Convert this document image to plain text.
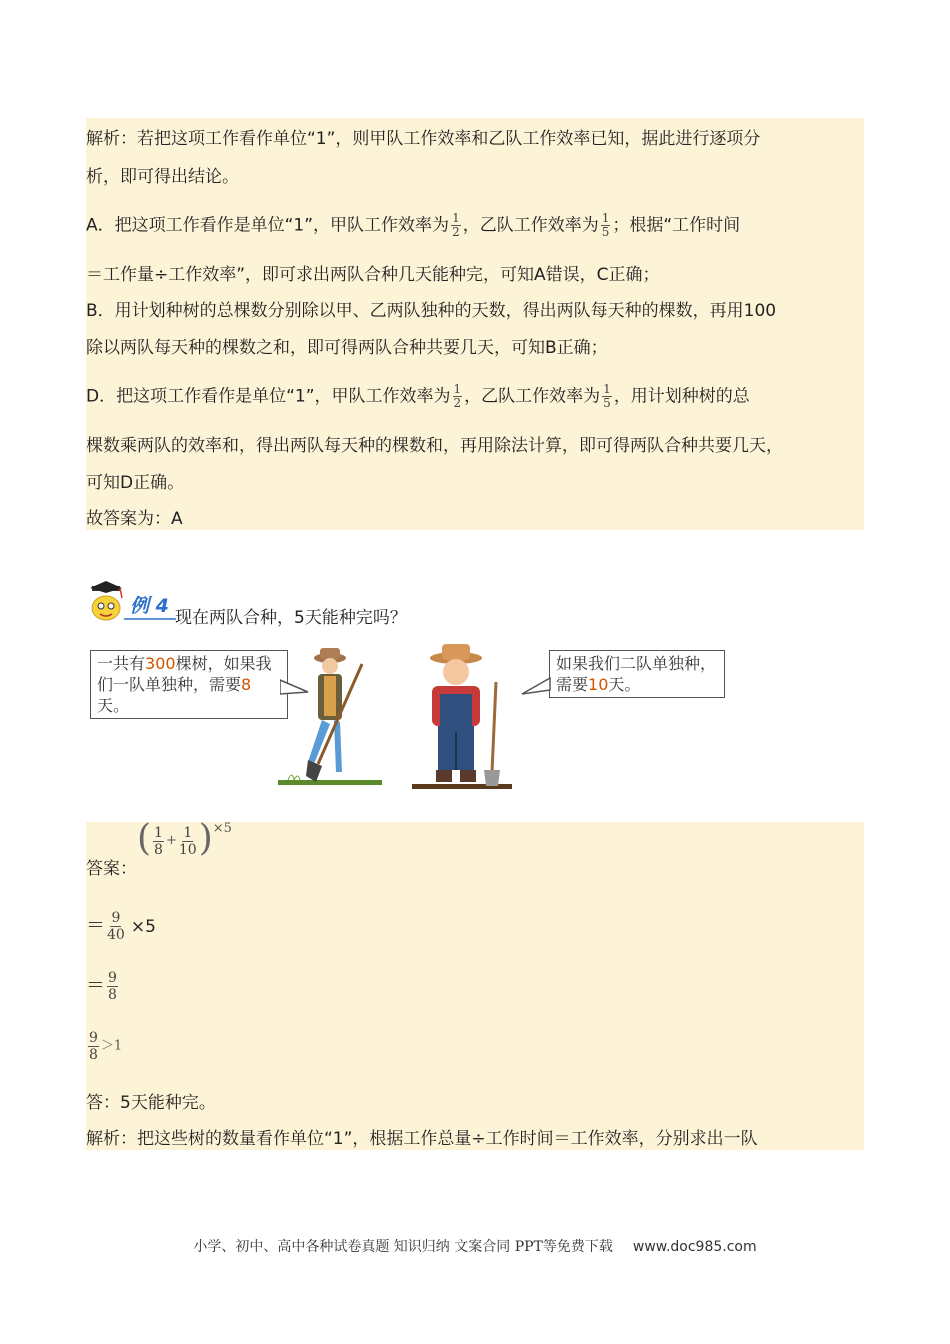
解析：若把这项工作看作单位“1”，则甲队工作效率和乙队工作效率已知，据此进行逐项分
析，即可得出结论。
A．把这项工作看作是单位“1”，甲队工作效率为 $\frac{1}{2}$ ，乙队工作效率为 $\frac{1}{5}$ ；根据“工作时间
＝工作量÷工作效率”，即可求出两队合种几天能种完，可知A错误，C正确；
B．用计划种树的总棵数分别除以甲、乙两队独种的天数，得出两队每天种的棵数，再用100
除以两队每天种的棵数之和，即可得两队合种共要几天，可知B正确；
D．把这项工作看作是单位“1”，甲队工作效率为 $\frac{1}{2}$ ，乙队工作效率为 $\frac{1}{5}$ ，用计划种树的总
棵数乘两队的效率和，得出两队每天种的棵数和，再用除法计算，即可得两队合种共要几天，
可知D正确。
故答案为：A
例 4
现在两队合种，5天能种完吗？
一共有300棵树，如果我
们一队单独种，需要8天。
如果我们二队单独种，
需要10天。
答案：( $\frac{1}{8} + \frac{1}{10} )^{\times 5}$
＝ $\frac{9}{40} \times 5$
＝ $\frac{9}{8}$
$\frac{9}{8} >1$
答：5天能种完。
解析：把这些树的数量看作单位“1”，根据工作总量÷工作时间＝工作效率，分别求出一队
小学、初中、高中各种试卷真题 知识归纳 文案合同 PPT等免费下载 www.doc985.com
